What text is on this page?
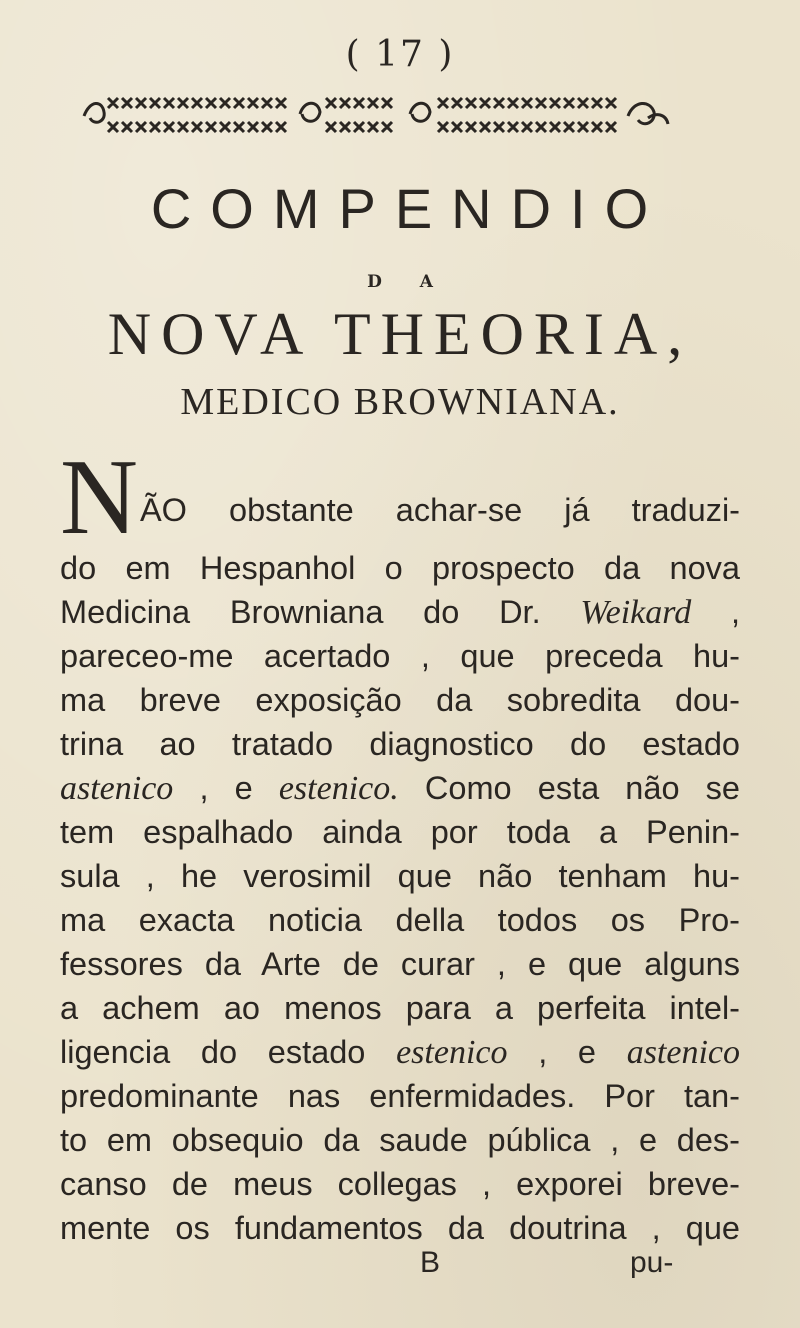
( 17 )
COMPENDIO
D A
NOVA THEORIA,
MEDICO BROWNIANA.
N ÃO obstante achar-se já traduzi-
do em Hespanhol o prospecto da nova
Medicina Browniana do Dr. Weikard ,
pareceo-me acertado , que preceda hu-
ma breve exposição da sobredita dou-
trina ao tratado diagnostico do estado
astenico , e estenico. Como esta não se
tem espalhado ainda por toda a Penin-
sula , he verosimil que não tenham hu-
ma exacta noticia della todos os Pro-
fessores da Arte de curar , e que alguns
a achem ao menos para a perfeita intel-
ligencia do estado estenico , e astenico
predominante nas enfermidades. Por tan-
to em obsequio da saude pública , e des-
canso de meus collegas , exporei breve-
mente os fundamentos da doutrina , que
B	pu-
